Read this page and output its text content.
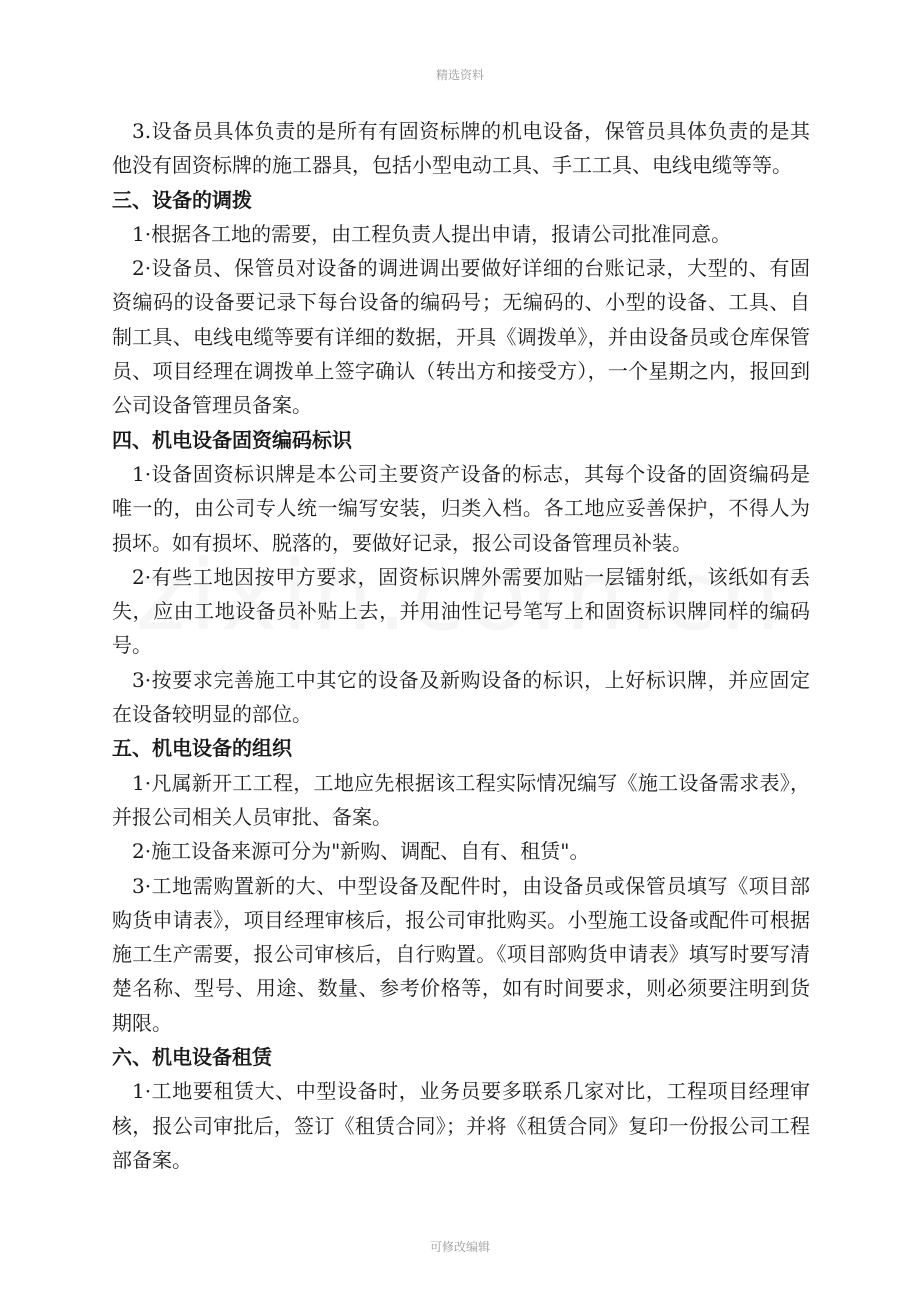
精选资料

3.设备员具体负责的是所有有固资标牌的机电设备，保管员具体负责的是其他没有固资标牌的施工器具，包括小型电动工具、手工工具、电线电缆等等。

三、设备的调拨

1·根据各工地的需要，由工程负责人提出申请，报请公司批准同意。

2·设备员、保管员对设备的调进调出要做好详细的台账记录，大型的、有固资编码的设备要记录下每台设备的编码号；无编码的、小型的设备、工具、自制工具、电线电缆等要有详细的数据，开具《调拨单》，并由设备员或仓库保管员、项目经理在调拨单上签字确认（转出方和接受方），一个星期之内，报回到公司设备管理员备案。

四、机电设备固资编码标识

1·设备固资标识牌是本公司主要资产设备的标志，其每个设备的固资编码是唯一的，由公司专人统一编写安装，归类入档。各工地应妥善保护，不得人为损坏。如有损坏、脱落的，要做好记录，报公司设备管理员补装。

2·有些工地因按甲方要求，固资标识牌外需要加贴一层镭射纸，该纸如有丢失，应由工地设备员补贴上去，并用油性记号笔写上和固资标识牌同样的编码号。

3·按要求完善施工中其它的设备及新购设备的标识，上好标识牌，并应固定在设备较明显的部位。

五、机电设备的组织

1·凡属新开工工程，工地应先根据该工程实际情况编写《施工设备需求表》，并报公司相关人员审批、备案。

2·施工设备来源可分为"新购、调配、自有、租赁"。

3·工地需购置新的大、中型设备及配件时，由设备员或保管员填写《项目部购货申请表》，项目经理审核后，报公司审批购买。小型施工设备或配件可根据施工生产需要，报公司审核后，自行购置。《项目部购货申请表》填写时要写清楚名称、型号、用途、数量、参考价格等，如有时间要求，则必须要注明到货期限。

六、机电设备租赁

1·工地要租赁大、中型设备时，业务员要多联系几家对比，工程项目经理审核，报公司审批后，签订《租赁合同》；并将《租赁合同》复印一份报公司工程部备案。

可修改编辑
